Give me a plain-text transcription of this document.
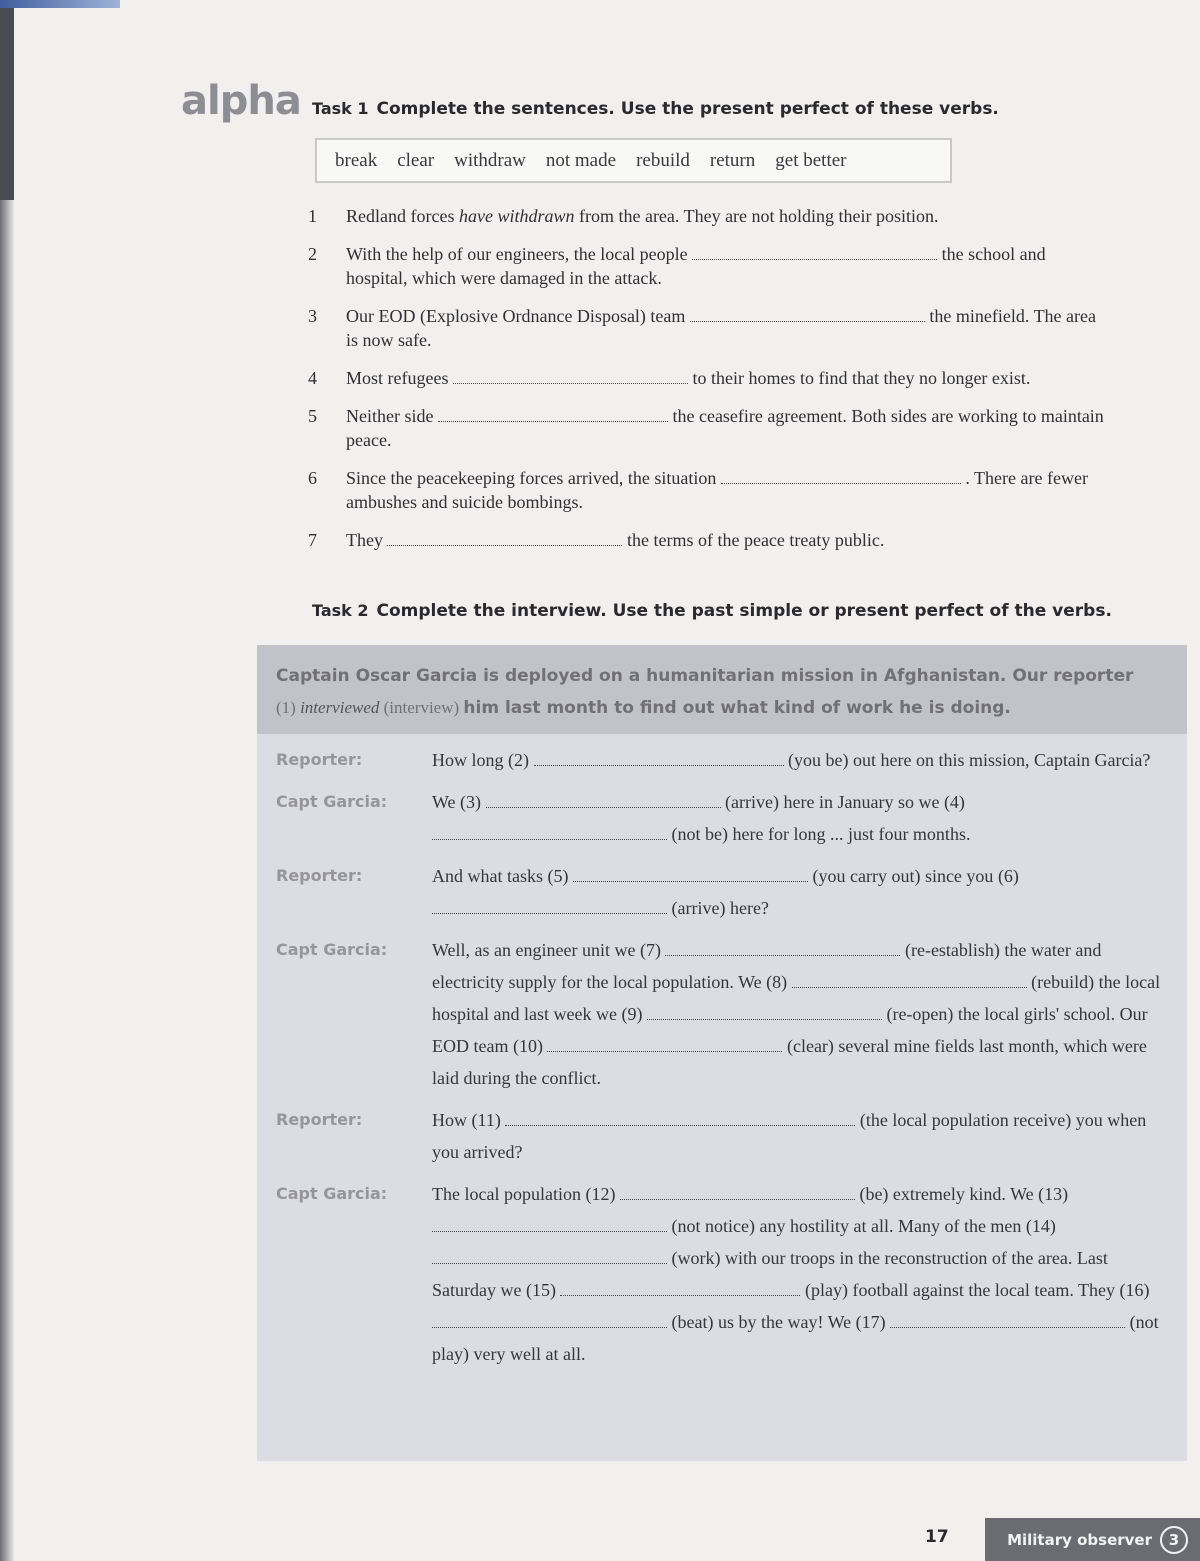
alpha Task 1 Complete the sentences. Use the present perfect of these verbs.
break clear withdraw not made rebuild return get better
1	Redland forces have withdrawn from the area. They are not holding their position.
2	With the help of our engineers, the local people	the school and hospital, which were damaged in the attack.
3	Our EOD (Explosive Ordnance Disposal) team	the minefield. The area is now safe.
4	Most refugees	to their homes to find that they no longer exist.
5	Neither side	the ceasefire agreement. Both sides are working to maintain peace.
6	Since the peacekeeping forces arrived, the situation	. There are fewer ambushes and suicide bombings.
7	They	the terms of the peace treaty public.
Task 2 Complete the interview. Use the past simple or present perfect of the verbs.
Captain Oscar Garcia is deployed on a humanitarian mission in Afghanistan. Our reporter
(1) interviewed (interview) him last month to find out what kind of work he is doing.
Reporter:	How long (2)	(you be) out here on this mission, Captain Garcia?
Capt Garcia: We (3)	(arrive) here in January so we (4)  (not be) here for long ... just four months.
Reporter:	And what tasks (5)	(you carry out) since you (6)  (arrive) here?
Capt Garcia: Well, as an engineer unit we (7)	(re-establish) the water and electricity supply for the local population. We (8)	(rebuild) the local hospital and last week we (9)	(re-open) the local girls' school. Our EOD team (10)	(clear) several mine fields last month, which were laid during the conflict.
Reporter:	How (11)	(the local population receive) you when you arrived?
Capt Garcia: The local population (12)	(be) extremely kind. We (13)  (not notice) any hostility at all. Many of the men (14)  (work) with our troops in the reconstruction of the area. Last Saturday we (15)	(play) football against the local team. They (16)  (beat) us by the way! We (17)	(not play) very well at all.
17	Military observer	3
